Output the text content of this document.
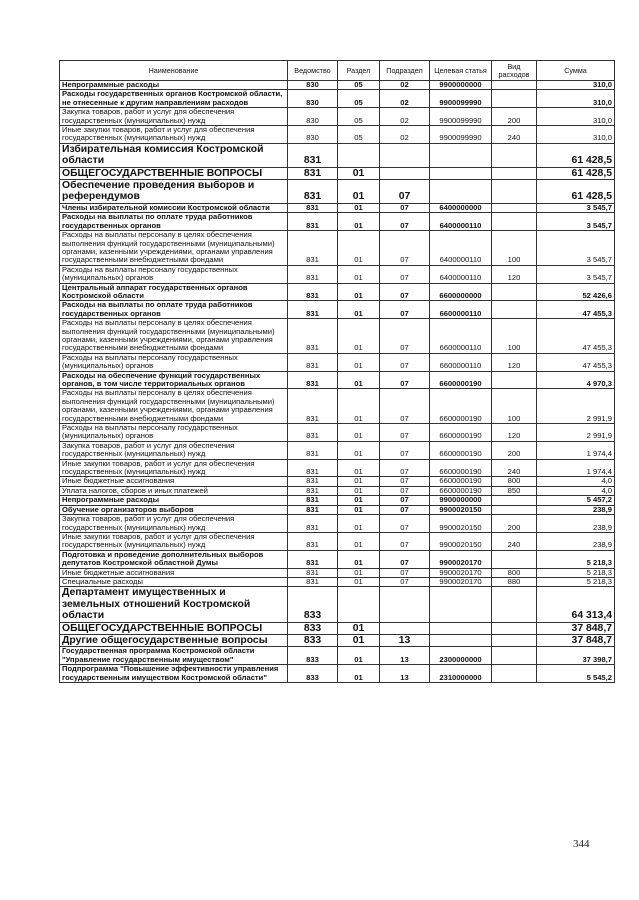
Наименование	Ведомство	Раздел	Подраздел	Целевая статья	Вид расходов	Сумма
Непрограммные расходы	830	05	02	9900000000		310,0
Расходы государственных органов Костромской области, не отнесенные к другим направлениям расходов	830	05	02	9900099990		310,0
Закупка товаров, работ и услуг для обеспечения государственных (муниципальных) нужд	830	05	02	9900099990	200	310,0
Иные закупки товаров, работ и услуг для обеспечения государственных (муниципальных) нужд	830	05	02	9900099990	240	310,0
Избирательная комиссия Костромской области	831					61 428,5
ОБЩЕГОСУДАРСТВЕННЫЕ ВОПРОСЫ	831	01				61 428,5
Обеспечение проведения выборов и референдумов	831	01	07			61 428,5
Члены избирательной комиссии Костромской области	831	01	07	6400000000		3 545,7
Расходы на выплаты по оплате труда работников государственных органов	831	01	07	6400000110		3 545,7
Расходы на выплаты персоналу в целях обеспечения выполнения функций государственными (муниципальными) органами, казенными учреждениями, органами управления государственными внебюджетными фондами	831	01	07	6400000110	100	3 545,7
Расходы на выплаты персоналу государственных (муниципальных) органов	831	01	07	6400000110	120	3 545,7
Центральный аппарат государственных органов Костромской области	831	01	07	6600000000		52 426,6
Расходы на выплаты по оплате труда работников государственных органов	831	01	07	6600000110		47 455,3
Расходы на выплаты персоналу в целях обеспечения выполнения функций государственными (муниципальными) органами, казенными учреждениями, органами управления государственными внебюджетными фондами	831	01	07	6600000110	100	47 455,3
Расходы на выплаты персоналу государственных (муниципальных) органов	831	01	07	6600000110	120	47 455,3
Расходы на обеспечение функций государственных органов, в том числе территориальных органов	831	01	07	6600000190		4 970,3
Расходы на выплаты персоналу в целях обеспечения выполнения функций государственными (муниципальными) органами, казенными учреждениями, органами управления государственными внебюджетными фондами	831	01	07	6600000190	100	2 991,9
Расходы на выплаты персоналу государственных (муниципальных) органов	831	01	07	6600000190	120	2 991,9
Закупка товаров, работ и услуг для обеспечения государственных (муниципальных) нужд	831	01	07	6600000190	200	1 974,4
Иные закупки товаров, работ и услуг для обеспечения государственных (муниципальных) нужд	831	01	07	6600000190	240	1 974,4
Иные бюджетные ассигнования	831	01	07	6600000190	800	4,0
Уплата налогов, сборов и иных платежей	831	01	07	6600000190	850	4,0
Непрограммные расходы	831	01	07	9900000000		5 457,2
Обучение организаторов выборов	831	01	07	9900020150		238,9
Закупка товаров, работ и услуг для обеспечения государственных (муниципальных) нужд	831	01	07	9900020150	200	238,9
Иные закупки товаров, работ и услуг для обеспечения государственных (муниципальных) нужд	831	01	07	9900020150	240	238,9
Подготовка и проведение дополнительных выборов депутатов Костромской областной Думы	831	01	07	9900020170		5 218,3
Иные бюджетные ассигнования	831	01	07	9900020170	800	5 218,3
Специальные расходы	831	01	07	9900020170	880	5 218,3
Департамент имущественных и земельных отношений Костромской области	833					64 313,4
ОБЩЕГОСУДАРСТВЕННЫЕ ВОПРОСЫ	833	01				37 848,7
Другие общегосударственные вопросы	833	01	13			37 848,7
Государственная программа Костромской области "Управление государственным имуществом"	833	01	13	2300000000		37 398,7
Подпрограмма "Повышение эффективности управления государственным имуществом Костромской области"	833	01	13	2310000000		5 545,2
344
